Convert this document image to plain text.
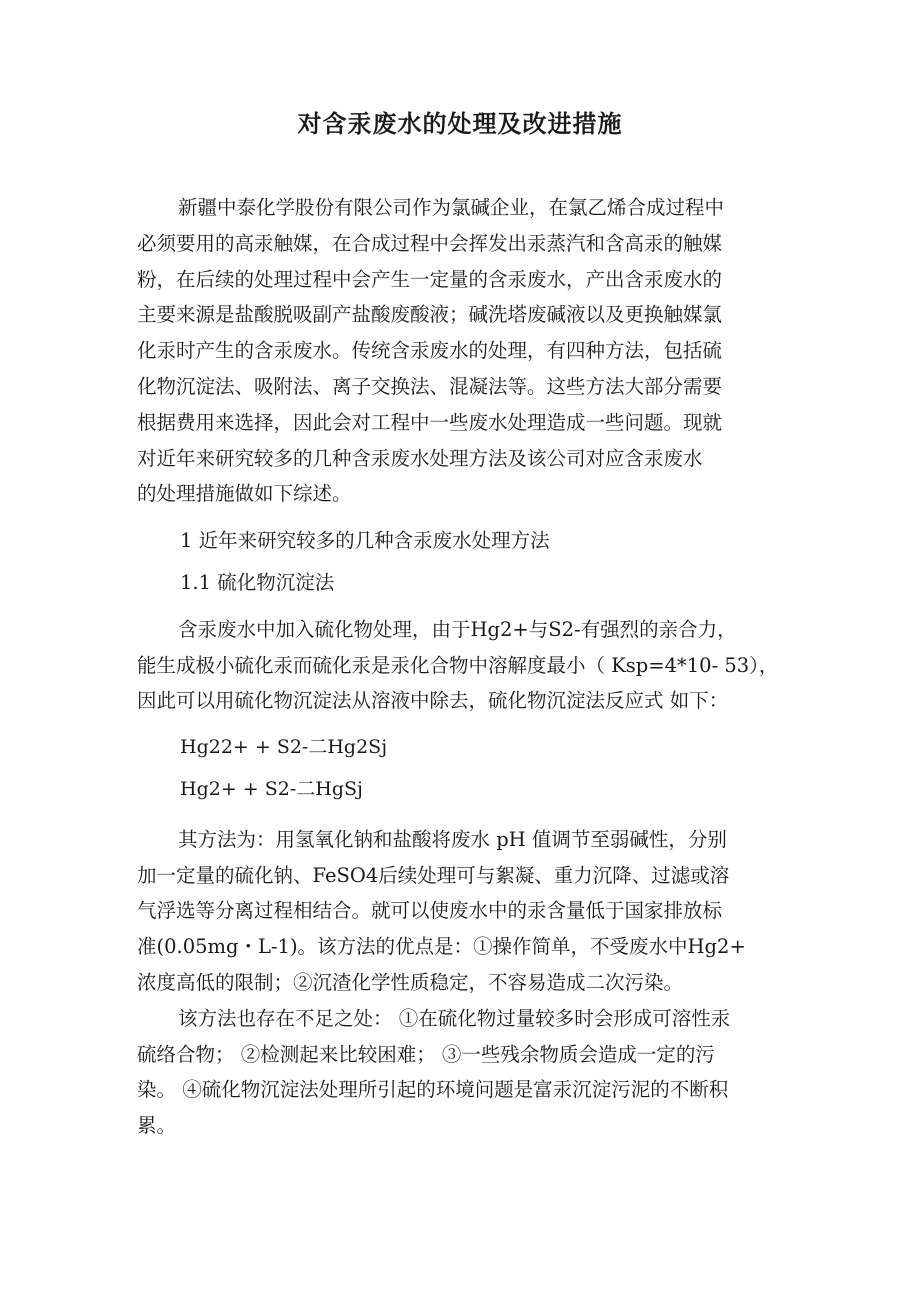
对含汞废水的处理及改进措施

新疆中泰化学股份有限公司作为氯碱企业，在氯乙烯合成过程中
必须要用的高汞触媒，在合成过程中会挥发出汞蒸汽和含高汞的触媒
粉，在后续的处理过程中会产生一定量的含汞废水，产出含汞废水的
主要来源是盐酸脱吸副产盐酸废酸液；碱洗塔废碱液以及更换触媒氯
化汞时产生的含汞废水。传统含汞废水的处理，有四种方法，包括硫
化物沉淀法、吸附法、离子交换法、混凝法等。这些方法大部分需要
根据费用来选择，因此会对工程中一些废水处理造成一些问题。现就
对近年来研究较多的几种含汞废水处理方法及该公司对应含汞废水
的处理措施做如下综述。

1 近年来研究较多的几种含汞废水处理方法

1.1 硫化物沉淀法

含汞废水中加入硫化物处理，由于Hg2+与S2-有强烈的亲合力，
能生成极小硫化汞而硫化汞是汞化合物中溶解度最小（ Ksp=4*10- 53），
因此可以用硫化物沉淀法从溶液中除去，硫化物沉淀法反应式 如下：

Hg22+ + S2-二Hg2Sj

Hg2+ + S2-二HgSj

其方法为：用氢氧化钠和盐酸将废水 pH 值调节至弱碱性，分别
加一定量的硫化钠、FeSO4后续处理可与絮凝、重力沉降、过滤或溶
气浮选等分离过程相结合。就可以使废水中的汞含量低于国家排放标
准(0.05mg・L-1)。该方法的优点是：①操作简单，不受废水中Hg2+
浓度高低的限制；②沉渣化学性质稳定，不容易造成二次污染。

该方法也存在不足之处： ①在硫化物过量较多时会形成可溶性汞
硫络合物； ②检测起来比较困难； ③一些残余物质会造成一定的污
染。 ④硫化物沉淀法处理所引起的环境问题是富汞沉淀污泥的不断积
累。
